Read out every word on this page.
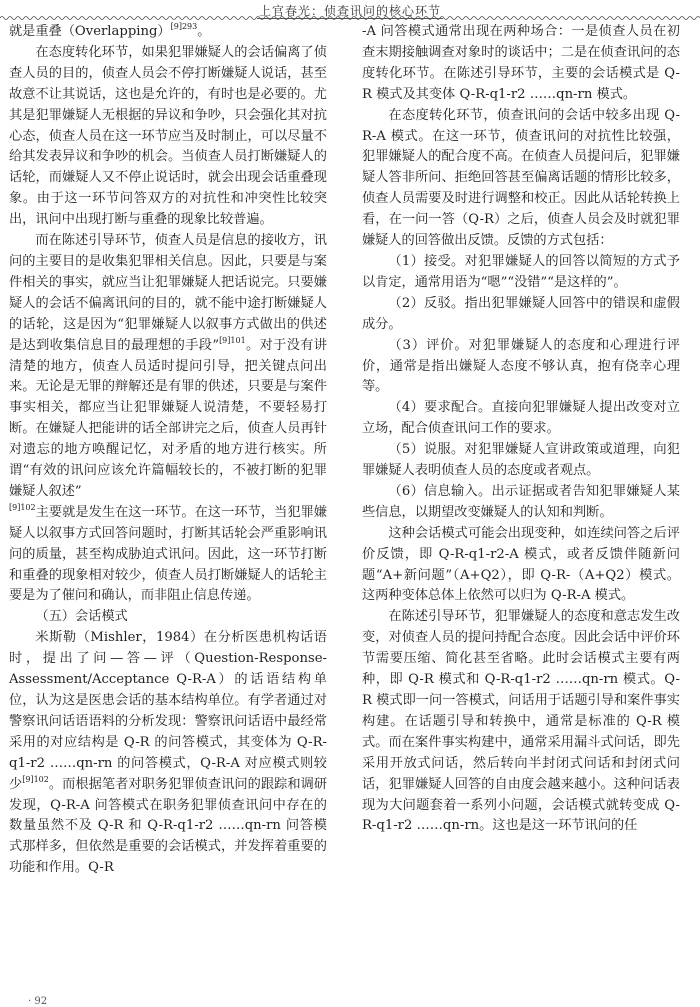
上官春光：侦查讯问的核心环节

就是重叠（Overlapping）$^{[9]293}$。

在态度转化环节，如果犯罪嫌疑人的会话偏离了侦查人员的目的，侦查人员会不停打断嫌疑人说话，甚至故意不让其说话，这也是允许的，有时也是必要的。尤其是犯罪嫌疑人无根据的异议和争吵，只会强化其对抗心态，侦查人员在这一环节应当及时制止，可以尽量不给其发表异议和争吵的机会。当侦查人员打断嫌疑人的话轮，而嫌疑人又不停止说话时，就会出现会话重叠现象。由于这一环节问答双方的对抗性和冲突性比较突出，讯问中出现打断与重叠的现象比较普遍。

而在陈述引导环节，侦查人员是信息的接收方，讯问的主要目的是收集犯罪相关信息。因此，只要是与案件相关的事实，就应当让犯罪嫌疑人把话说完。只要嫌疑人的会话不偏离讯问的目的，就不能中途打断嫌疑人的话轮，这是因为“犯罪嫌疑人以叙事方式做出的供述是达到收集信息目的最理想的手段”$^{[9]101}$。对于没有讲清楚的地方，侦查人员适时提问引导，把关键点问出来。无论是无罪的辩解还是有罪的供述，只要是与案件事实相关，都应当让犯罪嫌疑人说清楚，不要轻易打断。在嫌疑人把能讲的话全部讲完之后，侦查人员再针对遗忘的地方唤醒记忆，对矛盾的地方进行核实。所谓“有效的讯问应该允许篇幅较长的，不被打断的犯罪嫌疑人叙述”

$^{[9]102}$主要就是发生在这一环节。在这一环节，当犯罪嫌疑人以叙事方式回答问题时，打断其话轮会严重影响讯问的质量，甚至构成胁迫式讯问。因此，这一环节打断和重叠的现象相对较少，侦查人员打断嫌疑人的话轮主要是为了催问和确认，而非阻止信息传递。

（五）会话模式

米斯勒（Mishler，1984）在分析医患机构话语时，提出了问—答—评（Question-Response-Assessment/Acceptance Q-R-A）的话语结构单位，认为这是医患会话的基本结构单位。有学者通过对警察讯问话语语料的分析发现：警察讯问话语中最经常采用的对应结构是 Q-R 的问答模式，其变体为 Q-R-q1-r2 ……qn-rn 的问答模式，Q-R-A 对应模式则较少$^{[9]102}$。而根据笔者对职务犯罪侦查讯问的跟踪和调研发现，Q-R-A 问答模式在职务犯罪侦查讯问中存在的数量虽然不及 Q-R 和 Q-R-q1-r2 ……qn-rn 问答模式那样多，但依然是重要的会话模式，并发挥着重要的功能和作用。Q-R

-A 问答模式通常出现在两种场合：一是侦查人员在初查末期接触调查对象时的谈话中；二是在侦查讯问的态度转化环节。在陈述引导环节，主要的会话模式是 Q-R 模式及其变体 Q-R-q1-r2 ……qn-rn 模式。

在态度转化环节，侦查讯问的会话中较多出现 Q-R-A 模式。在这一环节，侦查讯问的对抗性比较强，犯罪嫌疑人的配合度不高。在侦查人员提问后，犯罪嫌疑人答非所问、拒绝回答甚至偏离话题的情形比较多，侦查人员需要及时进行调整和校正。因此从话轮转换上看，在一问一答（Q-R）之后，侦查人员会及时就犯罪嫌疑人的回答做出反馈。反馈的方式包括：

（1）接受。对犯罪嫌疑人的回答以简短的方式予以肯定，通常用语为“嗯”“没错”“是这样的”。

（2）反驳。指出犯罪嫌疑人回答中的错误和虚假成分。

（3）评价。对犯罪嫌疑人的态度和心理进行评价，通常是指出嫌疑人态度不够认真，抱有侥幸心理等。

（4）要求配合。直接向犯罪嫌疑人提出改变对立立场，配合侦查讯问工作的要求。

（5）说服。对犯罪嫌疑人宣讲政策或道理，向犯罪嫌疑人表明侦查人员的态度或者观点。

（6）信息输入。出示证据或者告知犯罪嫌疑人某些信息，以期望改变嫌疑人的认知和判断。

这种会话模式可能会出现变种，如连续问答之后评价反馈，即 Q-R-q1-r2-A 模式，或者反馈伴随新问题“A+新问题”（A+Q2），即 Q-R-（A+Q2）模式。这两种变体总体上依然可以归为 Q-R-A 模式。

在陈述引导环节，犯罪嫌疑人的态度和意志发生改变，对侦查人员的提问持配合态度。因此会话中评价环节需要压缩、简化甚至省略。此时会话模式主要有两种，即 Q-R 模式和 Q-R-q1-r2 ……qn-rn 模式。Q-R 模式即一问一答模式，问话用于话题引导和案件事实构建。在话题引导和转换中，通常是标准的 Q-R 模式。而在案件事实构建中，通常采用漏斗式问话，即先采用开放式问话，然后转向半封闭式问话和封闭式问话，犯罪嫌疑人回答的自由度会越来越小。这种问话表现为大问题套着一系列小问题，会话模式就转变成 Q-R-q1-r2 ……qn-rn。这也是这一环节讯问的任

· 92
